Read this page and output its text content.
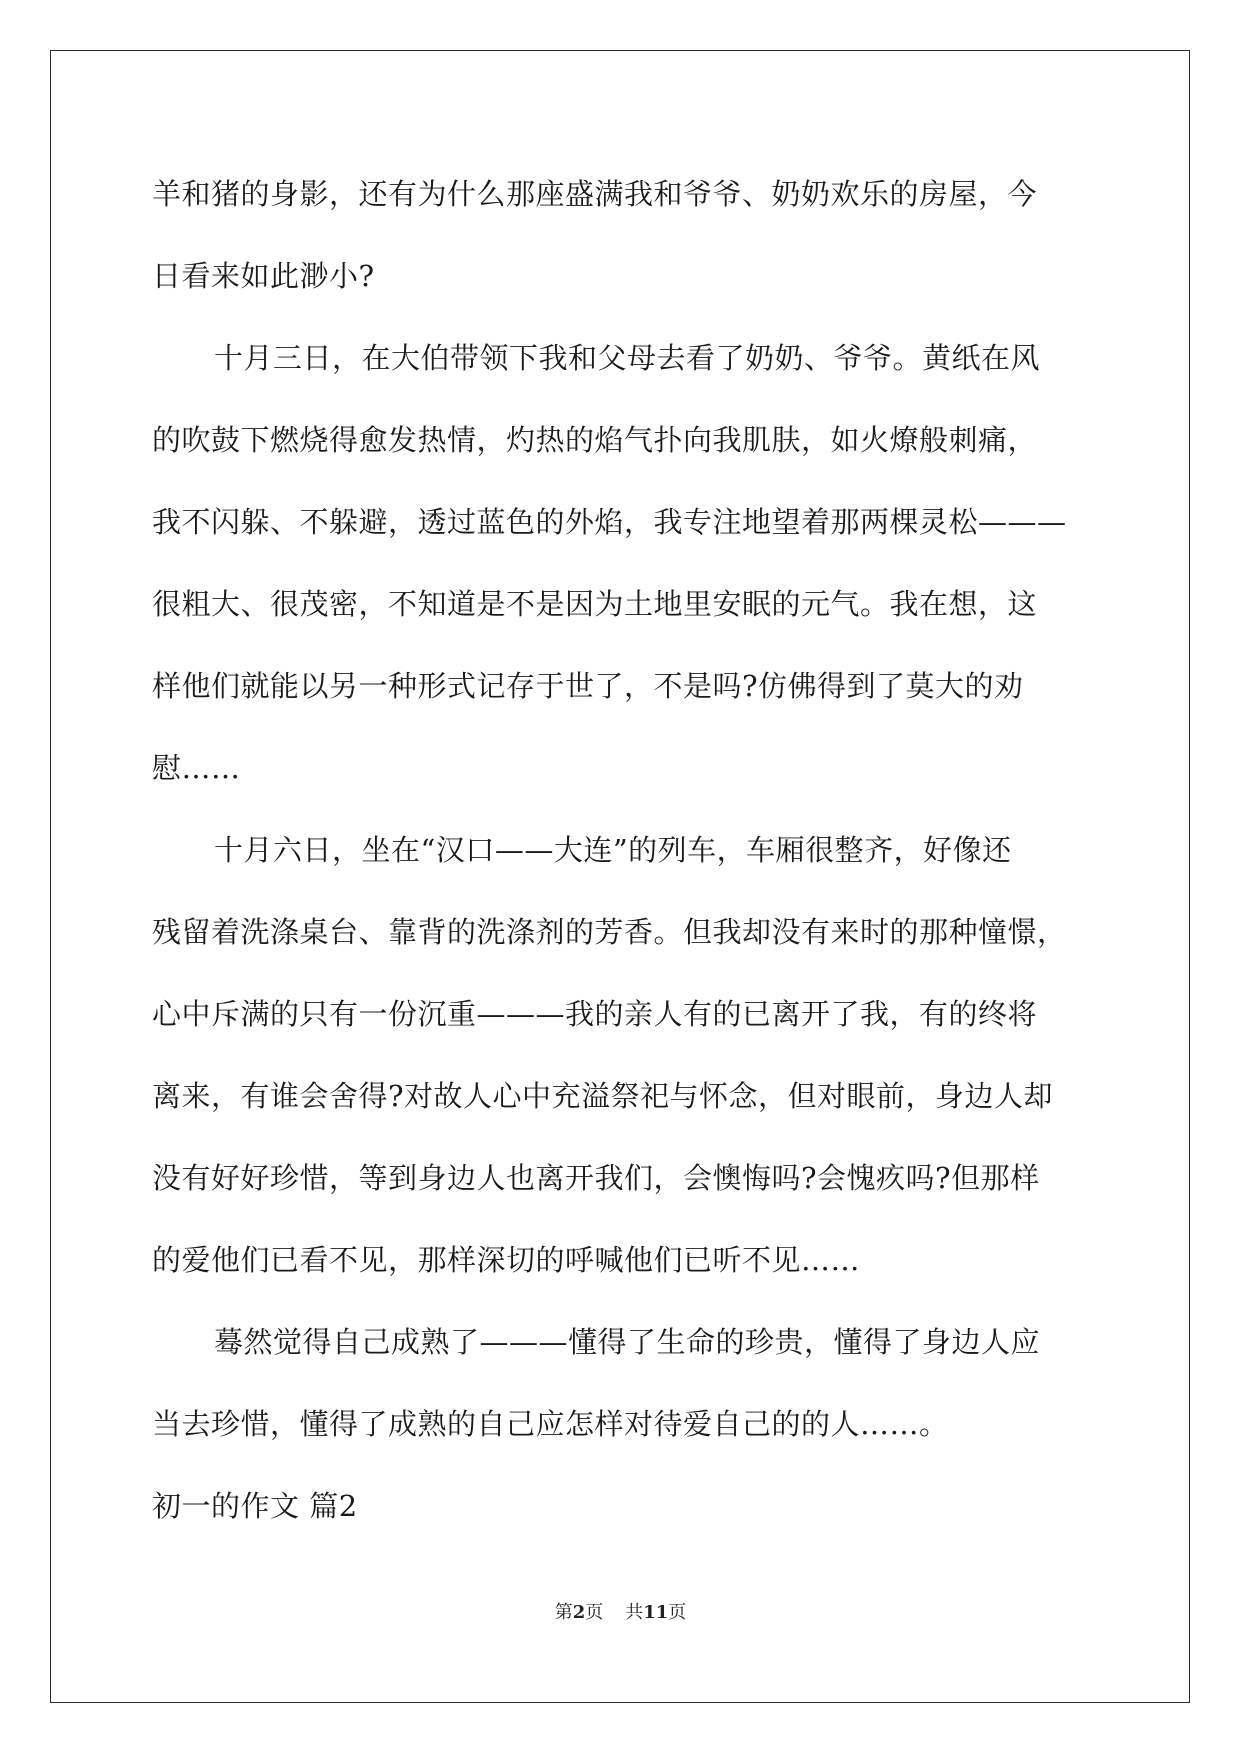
羊和猪的身影，还有为什么那座盛满我和爷爷、奶奶欢乐的房屋，今
日看来如此渺小?
十月三日，在大伯带领下我和父母去看了奶奶、爷爷。黄纸在风
的吹鼓下燃烧得愈发热情，灼热的焰气扑向我肌肤，如火燎般刺痛，
我不闪躲、不躲避，透过蓝色的外焰，我专注地望着那两棵灵松———
很粗大、很茂密，不知道是不是因为土地里安眠的元气。我在想，这
样他们就能以另一种形式记存于世了，不是吗?仿佛得到了莫大的劝
慰……
十月六日，坐在“汉口——大连”的列车，车厢很整齐，好像还
残留着洗涤桌台、靠背的洗涤剂的芳香。但我却没有来时的那种憧憬，
心中斥满的只有一份沉重———我的亲人有的已离开了我，有的终将
离来，有谁会舍得?对故人心中充溢祭祀与怀念，但对眼前，身边人却
没有好好珍惜，等到身边人也离开我们，会懊悔吗?会愧疚吗?但那样
的爱他们已看不见，那样深切的呼喊他们已听不见……
蓦然觉得自己成熟了———懂得了生命的珍贵，懂得了身边人应
当去珍惜，懂得了成熟的自己应怎样对待爱自己的的人……。
初一的作文 篇2
第2页 共11页
